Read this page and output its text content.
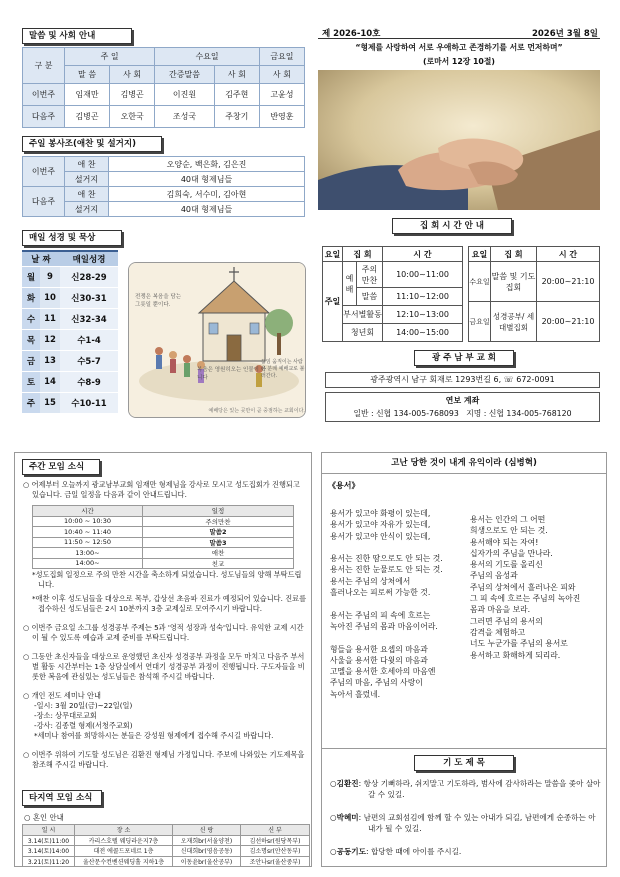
말씀 및 사회 안내
구 분	주 일		수요일		금요일
	말 씀	사 회	간증말씀	사 회	사 회
이번주	임재만	김병곤	이진원	김주현	고윤성
다음주	김병곤	오한국	조성국	주창기	반영훈
주일 봉사조(애찬 및 설거지)
이번주	애 찬	오양순, 백은화, 김은진
	설거지	40대 형제님들
다음주	애 찬	김희숙, 서수미, 김아현
	설거지	40대 형제님들
매일 성경 및 묵상
날 짜		매일성경
월	9	신28-29
화	10	신30-31
수	11	신32-34
목	12	수1-4
금	13	수5-7
토	14	수8-9
주	15	수10-11
전쟁은 복음을 담는 그릇일 뿐이다.
복음은 영원히오는 인물이 아니다
끊임 움직이는 사람은 분례 예배교로 불러간다.
예배당은 있는 곳만이 곧 중점하는 교회이다.
제 2026-10호	2026년 3월 8일
“형제를 사랑하여 서로 우애하고 존경하기를 서로 먼저하며”
(로마서 12장 10절)
집 회 시 간 안 내
요일	집 회		시 간
주일	예배	주의 만찬	10:00~11:00
		말씀	11:10~12:00
	부서별활동		12:10~13:00
	청년회		14:00~15:00
요일	집 회	시 간
수요일	말씀 및 기도집회	20:00~21:10
금요일	성경공부/ 세대별집회	20:00~21:10
광 주 남 부 교 회
광주광역시 남구 회재로 1293번길 6, ☏ 672-0091
연보 계좌
일반 : 신협 134-005-768093 지명 : 신협 134-005-768120
주간 모임 소식

○ 어제부터 오늘까지 광교남부교회 임재만 형제님을 강사로 모시고 성도집회가 진행되고 있습니다. 금일 일정을 다음과 같이 안내드립니다.

시간	일정
10:00 ~ 10:30	주의만찬
10:40 ~ 11:40	말씀2
11:50 ~ 12:50	말씀3
13:00~	애찬
14:00~	친교

*성도집회 일정으로 주의 만찬 시간을 축소하게 되었습니다. 성도님들의 양해 부탁드립니다.

*애찬 이후 성도님들을 대상으로 목부, 갑상선 초음파 진료가 예정되어 있습니다. 진료를 접수하신 성도님들은 2시 10분까지 3층 교제실로 모여주시기 바랍니다.

○ 이번주 금요일 소그룹 성경공부 주제는 5과 '영적 성장과 성숙'입니다. 유익한 교제 시간이 될 수 있도록 예습과 교제 준비를 부탁드립니다.

○ 그동안 초신자들을 대상으로 운영했던 초신자 성경공부 과정을 모두 마치고 다음주 부서별 활동 시간부터는 1층 상담실에서 연대기 성경공부 과정이 진행됩니다. 구도자들을 비롯한 복음에 관심있는 성도님들은 참석해 주시길 바랍니다.

○ 개인 전도 세미나 안내

-일시: 3월 20일(금)~22일(일)

-장소: 상무대로교회

-강사: 김종렬 형제(서청주교회)

*세미나 참여를 희망하시는 분들은 강성원 형제에게 접수해 주시길 바랍니다.

○ 이번주 위하여 기도할 성도님은 김환진 형제님 가정입니다. 주보에 나와있는 기도제목을 참조해 주시길 바랍니다.

타지역 모임 소식
○ 혼인 안내
일 시	장 소	신 랑	신 부
3.14(토)11:00	카리스호텔 웨딩라운지7층	오재희br(서울양천)	김선하sr(원당목부)
3.14(토)14:00	대전 에콜드포네르 1층	신대희br(영음공동)	김소명sr(안산동부)
3.21(토)11:20	울산문수컨벤션웨딩홀 지하1층	이동윤br(울산공부)	조안나sr(울산중부)
고난 당한 것이 내게 유익이라 (심병혁)
《용서》

용서가 있고야 화평이 있는데,

용서가 있고야 자유가 있는데,

용서가 있고야 안식이 있는데,

용서는 진한 땀으로도 안 되는 것.

용서는 진한 눈물로도 안 되는 것.

용서는 주님의 상처에서

흘러나오는 피로써 가능한 것.

용서는 주님의 피 속에 흐르는

녹아진 주님의 몸과 마음이어라.

형들을 용서한 요셉의 마음과

사울을 용서한 다윗의 마음과

고멜을 용서한 호세아의 마음엔

주님의 마음, 주님의 사랑이

녹아서 흘렀네.

용서는 인간의 그 어떤

희생으로도 안 되는 것.

용서해야 되는 자여!

십자가의 주님을 만나라.

용서의 기도를 올리신

주님의 음성과

주님의 상처에서 흘러나온 피와

그 피 속에 흐르는 주님의 녹아진

몸과 마음을 보라.

그러면 주님의 용서의

감격을 체험하고

너도 누군가를 주님의 용서로

용서하고 화해하게 되리라.

기 도 제 목

○김환진: 항상 기뻐하라, 쉬지말고 기도하라, 범사에 감사하라는 말씀을 좇아 살아갈 수 있길.

○박혜미: 남편의 교회섬김에 함께 할 수 있는 아내가 되길, 남편에게 순종하는 아내가 될 수 있길.

○공동기도: 합당한 때에 아이를 주시길.
